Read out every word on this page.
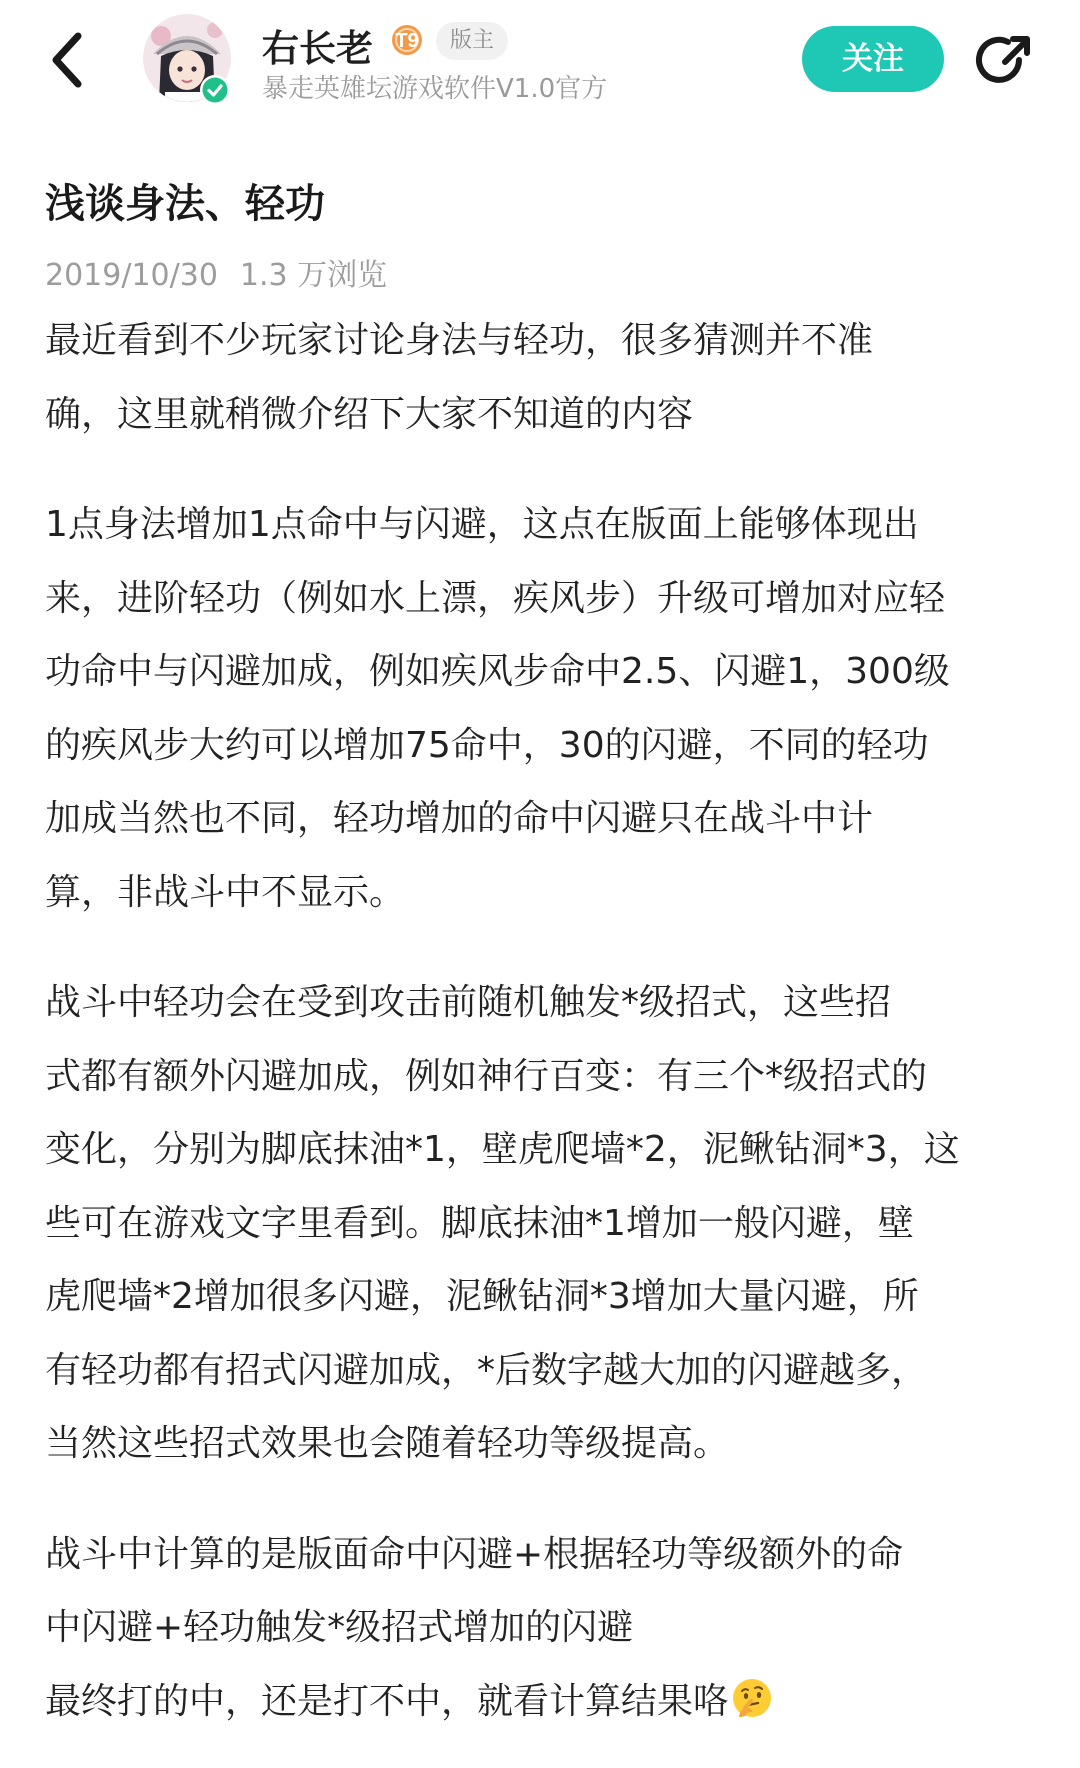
右长老 T9	版主
暴走英雄坛游戏软件V1.0官方
关注
浅谈身法、轻功
2019/10/30 1.3 万浏览
最近看到不少玩家讨论身法与轻功，很多猜测并不准
确，这里就稍微介绍下大家不知道的内容
1点身法增加1点命中与闪避，这点在版面上能够体现出
来，进阶轻功（例如水上漂，疾风步）升级可增加对应轻
功命中与闪避加成，例如疾风步命中2.5、闪避1，300级
的疾风步大约可以增加75命中，30的闪避，不同的轻功
加成当然也不同，轻功增加的命中闪避只在战斗中计
算，非战斗中不显示。
战斗中轻功会在受到攻击前随机触发*级招式，这些招
式都有额外闪避加成，例如神行百变：有三个*级招式的
变化，分别为脚底抹油*1，壁虎爬墙*2，泥鳅钻洞*3，这
些可在游戏文字里看到。脚底抹油*1增加一般闪避，壁
虎爬墙*2增加很多闪避，泥鳅钻洞*3增加大量闪避，所
有轻功都有招式闪避加成，*后数字越大加的闪避越多，
当然这些招式效果也会随着轻功等级提高。
战斗中计算的是版面命中闪避+根据轻功等级额外的命
中闪避+轻功触发*级招式增加的闪避
最终打的中，还是打不中，就看计算结果咯
